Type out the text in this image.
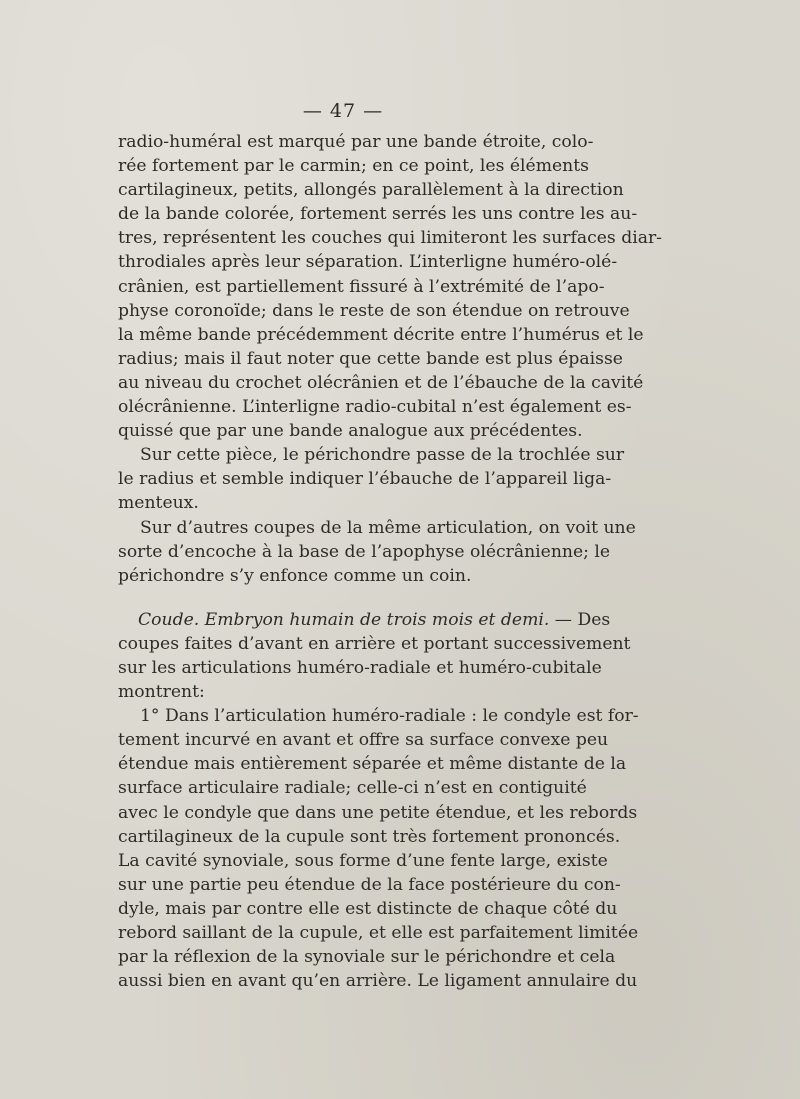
— 47 —
radio-huméral est marqué par une bande étroite, colo-
rée fortement par le carmin; en ce point, les éléments
cartilagineux, petits, allongés parallèlement à la direction
de la bande colorée, fortement serrés les uns contre les au-
tres, représentent les couches qui limiteront les surfaces diar-
throdiales après leur séparation. L’interligne huméro-olé-
crânien, est partiellement fissuré à l’extrémité de l’apo-
physe coronoïde; dans le reste de son étendue on retrouve
la même bande précédemment décrite entre l’humérus et le
radius; mais il faut noter que cette bande est plus épaisse
au niveau du crochet olécrânien et de l’ébauche de la cavité
olécrânienne. L’interligne radio-cubital n’est également es-
quissé que par une bande analogue aux précédentes.
Sur cette pièce, le périchondre passe de la trochlée sur
le radius et semble indiquer l’ébauche de l’appareil liga-
menteux.
Sur d’autres coupes de la même articulation, on voit une
sorte d’encoche à la base de l’apophyse olécrânienne; le
périchondre s’y enfonce comme un coin.
Coude. Embryon humain de trois mois et demi. — Des
coupes faites d’avant en arrière et portant successivement
sur les articulations huméro-radiale et huméro-cubitale
montrent:
1° Dans l’articulation huméro-radiale : le condyle est for-
tement incurvé en avant et offre sa surface convexe peu
étendue mais entièrement séparée et même distante de la
surface articulaire radiale; celle-ci n’est en contiguité
avec le condyle que dans une petite étendue, et les rebords
cartilagineux de la cupule sont très fortement prononcés.
La cavité synoviale, sous forme d’une fente large, existe
sur une partie peu étendue de la face postérieure du con-
dyle, mais par contre elle est distincte de chaque côté du
rebord saillant de la cupule, et elle est parfaitement limitée
par la réflexion de la synoviale sur le périchondre et cela
aussi bien en avant qu’en arrière. Le ligament annulaire du
